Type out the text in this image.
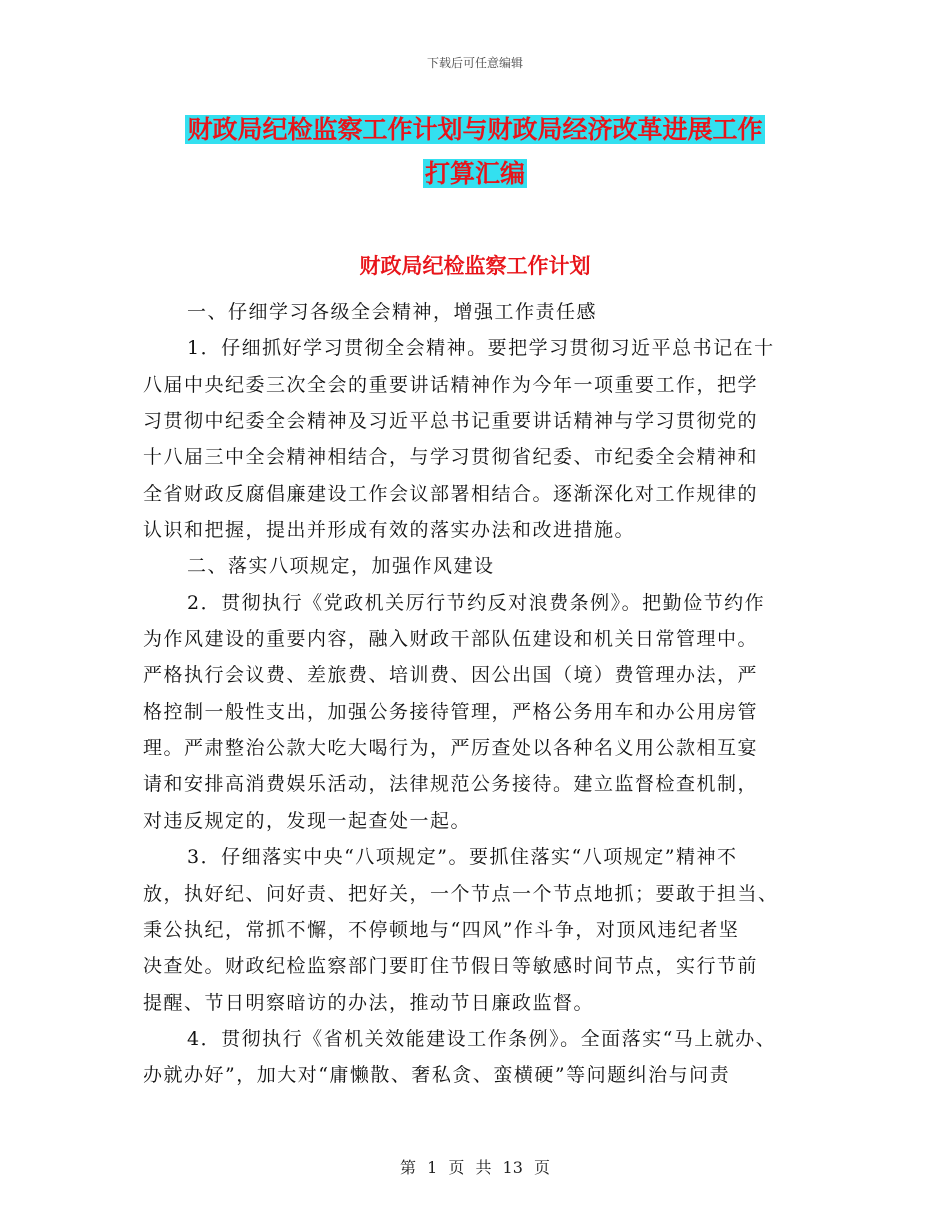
下载后可任意编辑
财政局纪检监察工作计划与财政局经济改革进展工作
打算汇编
财政局纪检监察工作计划
一、仔细学习各级全会精神，增强工作责任感
1．仔细抓好学习贯彻全会精神。要把学习贯彻习近平总书记在十
八届中央纪委三次全会的重要讲话精神作为今年一项重要工作，把学
习贯彻中纪委全会精神及习近平总书记重要讲话精神与学习贯彻党的
十八届三中全会精神相结合，与学习贯彻省纪委、市纪委全会精神和
全省财政反腐倡廉建设工作会议部署相结合。逐渐深化对工作规律的
认识和把握，提出并形成有效的落实办法和改进措施。
二、落实八项规定，加强作风建设
2．贯彻执行《党政机关厉行节约反对浪费条例》。把勤俭节约作
为作风建设的重要内容，融入财政干部队伍建设和机关日常管理中。
严格执行会议费、差旅费、培训费、因公出国（境）费管理办法，严
格控制一般性支出，加强公务接待管理，严格公务用车和办公用房管
理。严肃整治公款大吃大喝行为，严厉查处以各种名义用公款相互宴
请和安排高消费娱乐活动，法律规范公务接待。建立监督检查机制，
对违反规定的，发现一起查处一起。
3．仔细落实中央“八项规定”。要抓住落实“八项规定”精神不
放，执好纪、问好责、把好关，一个节点一个节点地抓；要敢于担当、
秉公执纪，常抓不懈，不停顿地与“四风”作斗争，对顶风违纪者坚
决查处。财政纪检监察部门要盯住节假日等敏感时间节点，实行节前
提醒、节日明察暗访的办法，推动节日廉政监督。
4．贯彻执行《省机关效能建设工作条例》。全面落实“马上就办、
办就办好”，加大对“庸懒散、奢私贪、蛮横硬”等问题纠治与问责
第 1 页 共 13 页
